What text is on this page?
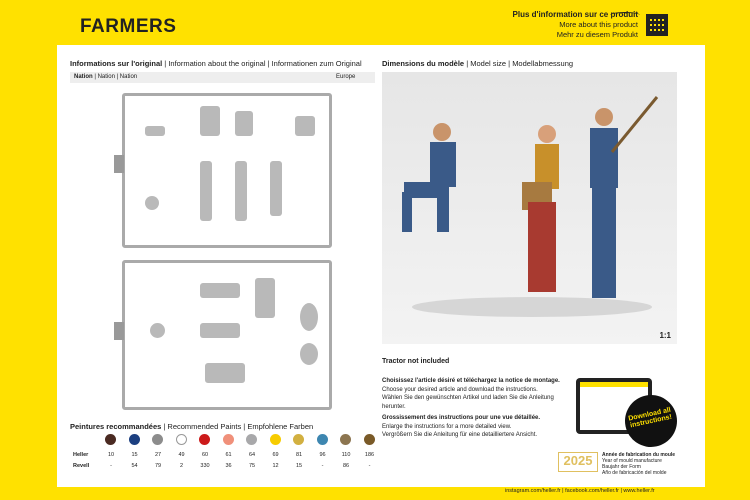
FARMERS
Plus d'information sur ce produit
More about this product
Mehr zu diesem Produkt
Informations sur l'original | Information about the original | Informationen zum Original
Nation | Nation | Nation	Europe
Dimensions du modèle | Model size | Modellabmessung
1:1
Tractor not included
Choisissez l'article désiré et téléchargez la notice de montage.
Choose your desired article and download the instructions.
Wählen Sie den gewünschten Artikel und laden Sie die Anleitung
herunter.

Grossissement des instructions pour une vue détaillée.
Enlarge the instructions for a more detailed view.
Vergrößern Sie die Anleitung für eine detailliertere Ansicht.
Download all instructions!
2025	Année de fabrication du moule
Year of mould manufacture
Baujahr der Form
Año de fabricación del molde
Peintures recommandées | Recommended Paints | Empfohlene Farben
Heller
Revell
10
-
15
54
27
79
49
2
60
330
61
36
64
75
69
12
81
15
96
-
110
86
186
-
instagram.com/heller.fr | facebook.com/heller.fr | www.heller.fr
